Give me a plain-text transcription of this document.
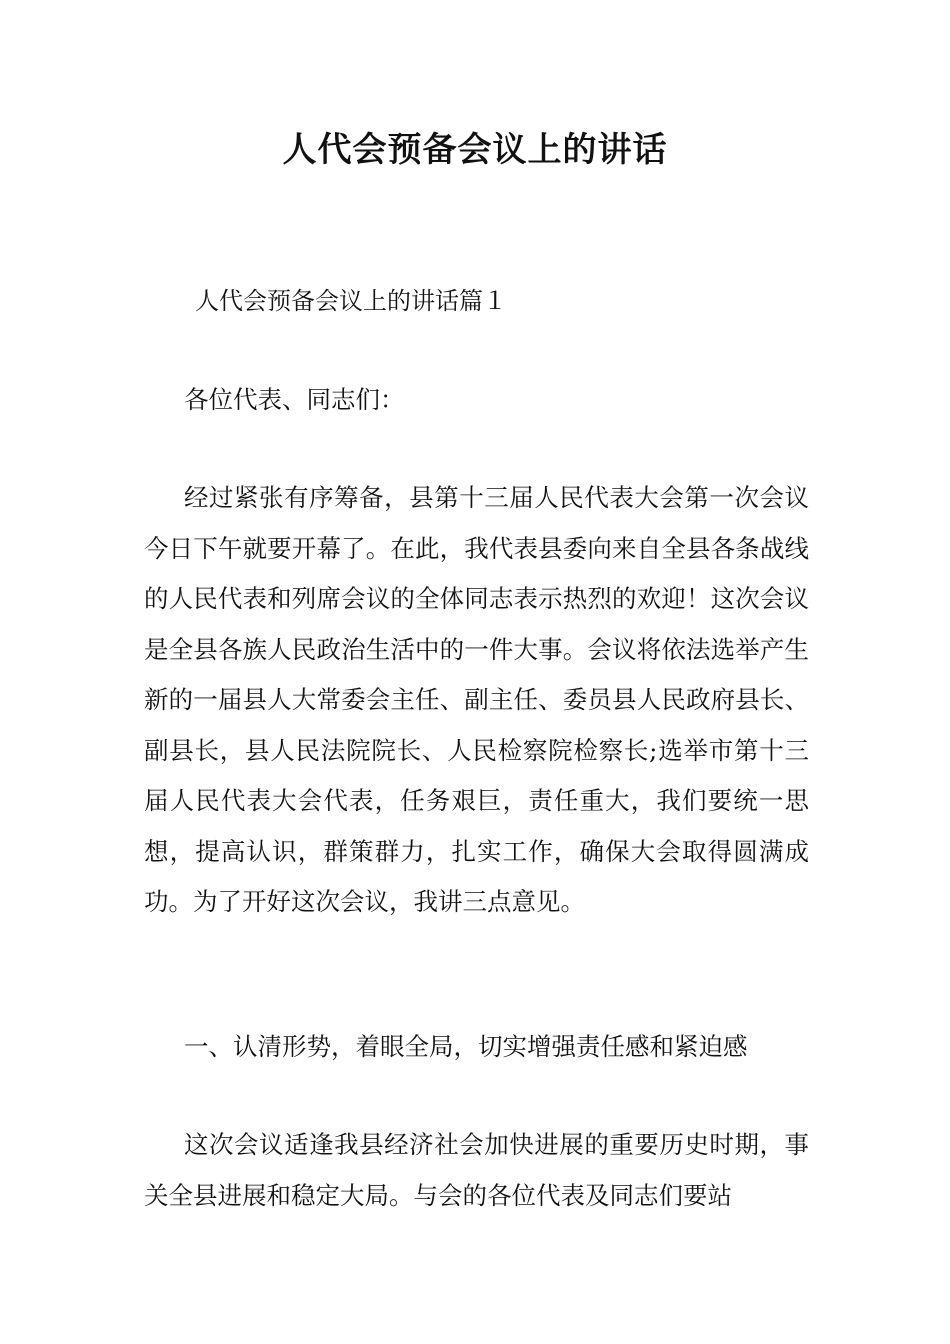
人代会预备会议上的讲话
人代会预备会议上的讲话篇１

各位代表、同志们：

经过紧张有序筹备，县第十三届人民代表大会第一次会议今日下午就要开幕了。在此，我代表县委向来自全县各条战线的人民代表和列席会议的全体同志表示热烈的欢迎！这次会议是全县各族人民政治生活中的一件大事。会议将依法选举产生新的一届县人大常委会主任、副主任、委员县人民政府县长、副县长，县人民法院院长、人民检察院检察长;选举市第十三届人民代表大会代表，任务艰巨，责任重大，我们要统一思想，提高认识，群策群力，扎实工作，确保大会取得圆满成功。为了开好这次会议，我讲三点意见。

一、认清形势，着眼全局，切实增强责任感和紧迫感

这次会议适逢我县经济社会加快进展的重要历史时期，事关全县进展和稳定大局。与会的各位代表及同志们要站
